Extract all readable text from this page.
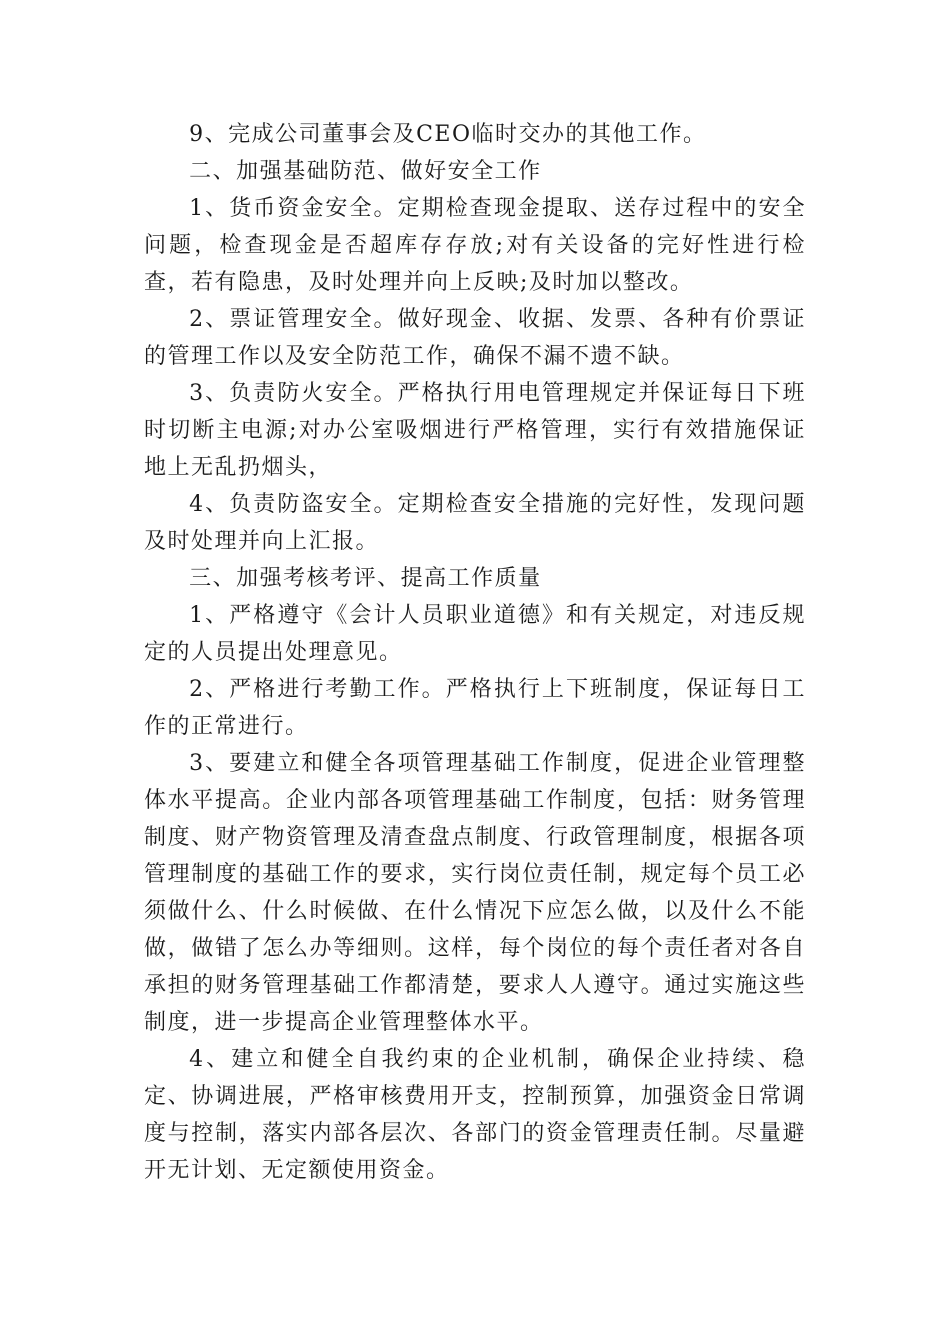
9、完成公司董事会及CEO临时交办的其他工作。

二、加强基础防范、做好安全工作

1、货币资金安全。定期检查现金提取、送存过程中的安全问题，检查现金是否超库存存放;对有关设备的完好性进行检查，若有隐患，及时处理并向上反映;及时加以整改。

2、票证管理安全。做好现金、收据、发票、各种有价票证的管理工作以及安全防范工作，确保不漏不遗不缺。

3、负责防火安全。严格执行用电管理规定并保证每日下班时切断主电源;对办公室吸烟进行严格管理，实行有效措施保证地上无乱扔烟头，

4、负责防盗安全。定期检查安全措施的完好性，发现问题及时处理并向上汇报。

三、加强考核考评、提高工作质量

1、严格遵守《会计人员职业道德》和有关规定，对违反规定的人员提出处理意见。

2、严格进行考勤工作。严格执行上下班制度，保证每日工作的正常进行。

3、要建立和健全各项管理基础工作制度，促进企业管理整体水平提高。企业内部各项管理基础工作制度，包括：财务管理制度、财产物资管理及清查盘点制度、行政管理制度，根据各项管理制度的基础工作的要求，实行岗位责任制，规定每个员工必须做什么、什么时候做、在什么情况下应怎么做，以及什么不能做，做错了怎么办等细则。这样，每个岗位的每个责任者对各自承担的财务管理基础工作都清楚，要求人人遵守。通过实施这些制度，进一步提高企业管理整体水平。

4、建立和健全自我约束的企业机制，确保企业持续、稳定、协调进展，严格审核费用开支，控制预算，加强资金日常调度与控制，落实内部各层次、各部门的资金管理责任制。尽量避开无计划、无定额使用资金。
